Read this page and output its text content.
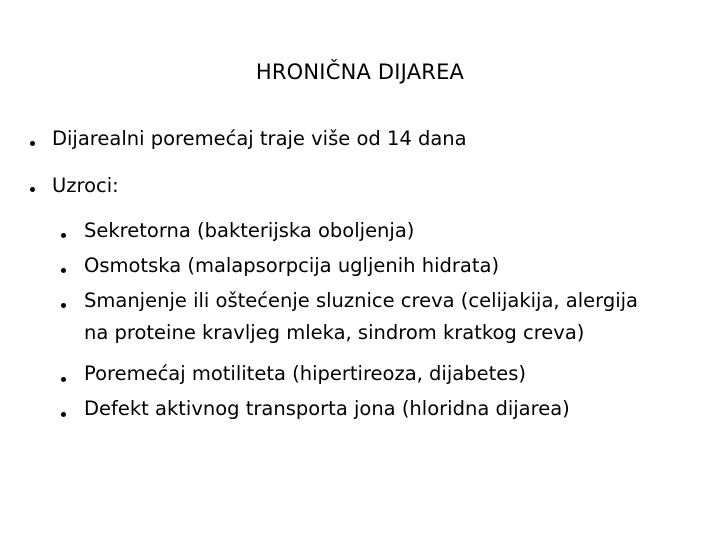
HRONIČNA DIJAREA
Dijarealni poremećaj traje više od 14 dana
Uzroci:
Sekretorna (bakterijska oboljenja)
Osmotska (malapsorpcija ugljenih hidrata)
Smanjenje ili oštećenje sluznice creva (celijakija, alergija
na proteine kravljeg mleka, sindrom kratkog creva)
Poremećaj motiliteta (hipertireoza, dijabetes)
Defekt aktivnog transporta jona (hloridna dijarea)
